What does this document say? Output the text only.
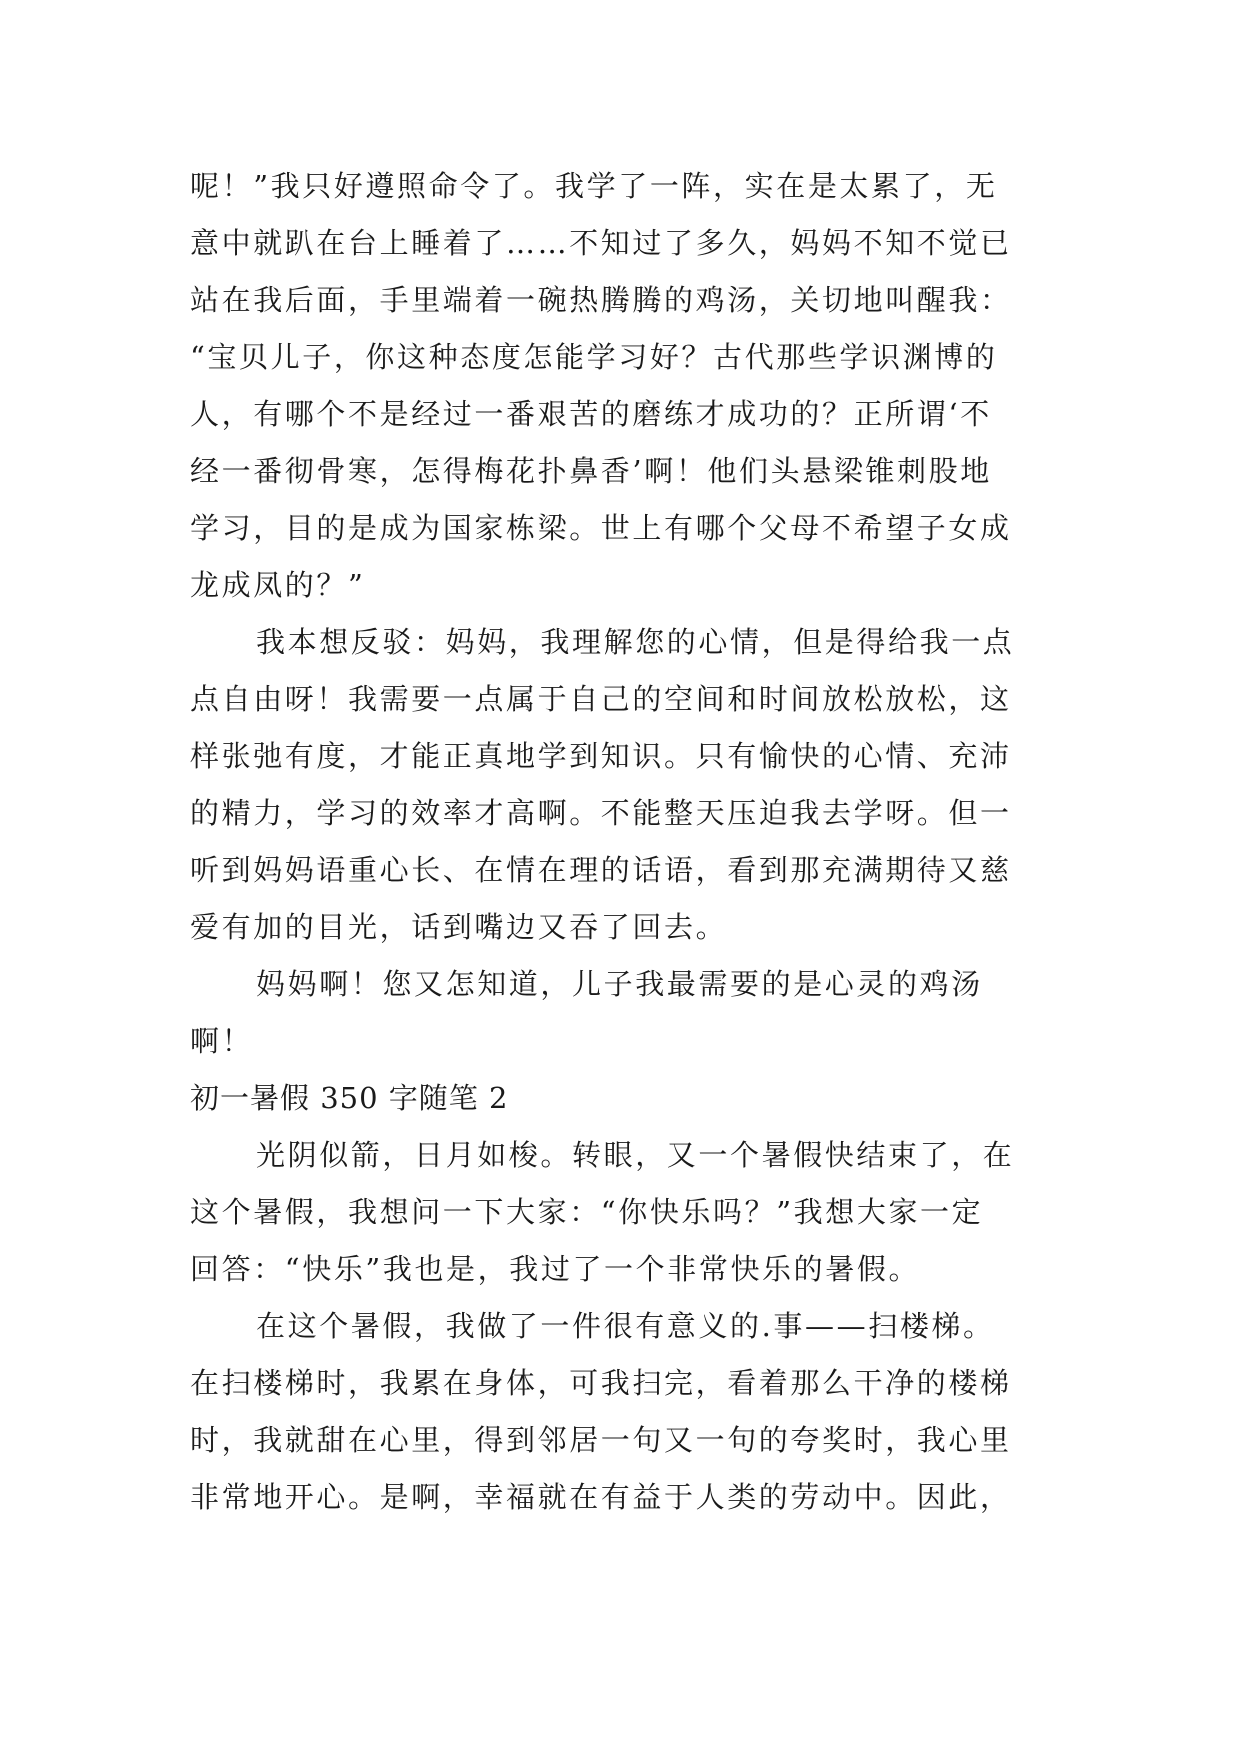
呢！”我只好遵照命令了。我学了一阵，实在是太累了，无
意中就趴在台上睡着了……不知过了多久，妈妈不知不觉已
站在我后面，手里端着一碗热腾腾的鸡汤，关切地叫醒我：
“宝贝儿子，你这种态度怎能学习好？古代那些学识渊博的
人，有哪个不是经过一番艰苦的磨练才成功的？正所谓‘不
经一番彻骨寒，怎得梅花扑鼻香’啊！他们头悬梁锥刺股地
学习，目的是成为国家栋梁。世上有哪个父母不希望子女成
龙成凤的？”
我本想反驳：妈妈，我理解您的心情，但是得给我一点
点自由呀！我需要一点属于自己的空间和时间放松放松，这
样张弛有度，才能正真地学到知识。只有愉快的心情、充沛
的精力，学习的效率才高啊。不能整天压迫我去学呀。但一
听到妈妈语重心长、在情在理的话语，看到那充满期待又慈
爱有加的目光，话到嘴边又吞了回去。
妈妈啊！您又怎知道，儿子我最需要的是心灵的鸡汤
啊！
初一暑假 350 字随笔 2
光阴似箭，日月如梭。转眼，又一个暑假快结束了，在
这个暑假，我想问一下大家：“你快乐吗？”我想大家一定
回答：“快乐”我也是，我过了一个非常快乐的暑假。
在这个暑假，我做了一件很有意义的.事——扫楼梯。
在扫楼梯时，我累在身体，可我扫完，看着那么干净的楼梯
时，我就甜在心里，得到邻居一句又一句的夸奖时，我心里
非常地开心。是啊，幸福就在有益于人类的劳动中。因此，
